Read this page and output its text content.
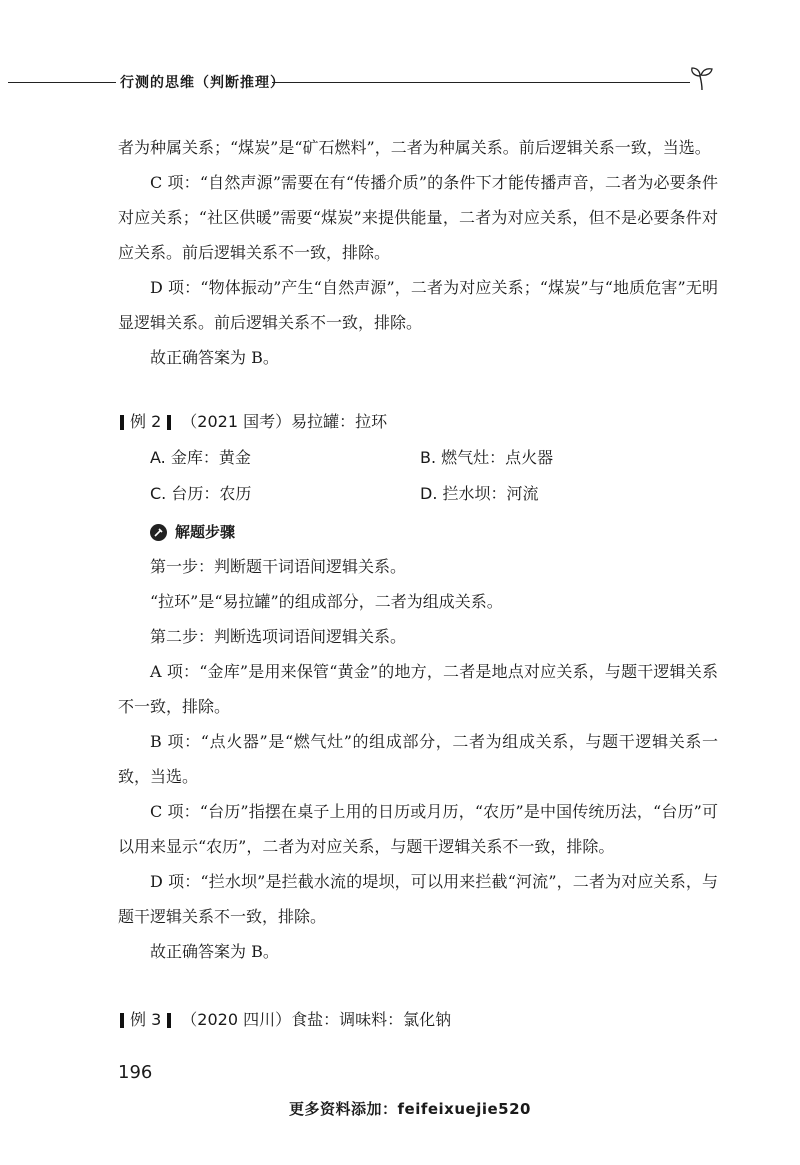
行测的思维（判断推理）

者为种属关系；“煤炭”是“矿石燃料”，二者为种属关系。前后逻辑关系一致，当选。

C 项：“自然声源”需要在有“传播介质”的条件下才能传播声音，二者为必要条件对应关系；“社区供暖”需要“煤炭”来提供能量，二者为对应关系，但不是必要条件对应关系。前后逻辑关系不一致，排除。

D 项：“物体振动”产生“自然声源”，二者为对应关系；“煤炭”与“地质危害”无明显逻辑关系。前后逻辑关系不一致，排除。

故正确答案为 B。

例 2 （2021 国考） 易拉罐：拉环
A. 金库：黄金	B. 燃气灶：点火器
C. 台历：农历	D. 拦水坝：河流
解题步骤

第一步：判断题干词语间逻辑关系。

“拉环”是“易拉罐”的组成部分，二者为组成关系。

第二步：判断选项词语间逻辑关系。

A 项：“金库”是用来保管“黄金”的地方，二者是地点对应关系，与题干逻辑关系不一致，排除。

B 项：“点火器”是“燃气灶”的组成部分，二者为组成关系，与题干逻辑关系一致，当选。

C 项：“台历”指摆在桌子上用的日历或月历，“农历”是中国传统历法，“台历”可以用来显示“农历”，二者为对应关系，与题干逻辑关系不一致，排除。

D 项：“拦水坝”是拦截水流的堤坝，可以用来拦截“河流”，二者为对应关系，与题干逻辑关系不一致，排除。

故正确答案为 B。

例 3 （2020 四川） 食盐：调味料：氯化钠
196
更多资料添加：feifeixuejie520
